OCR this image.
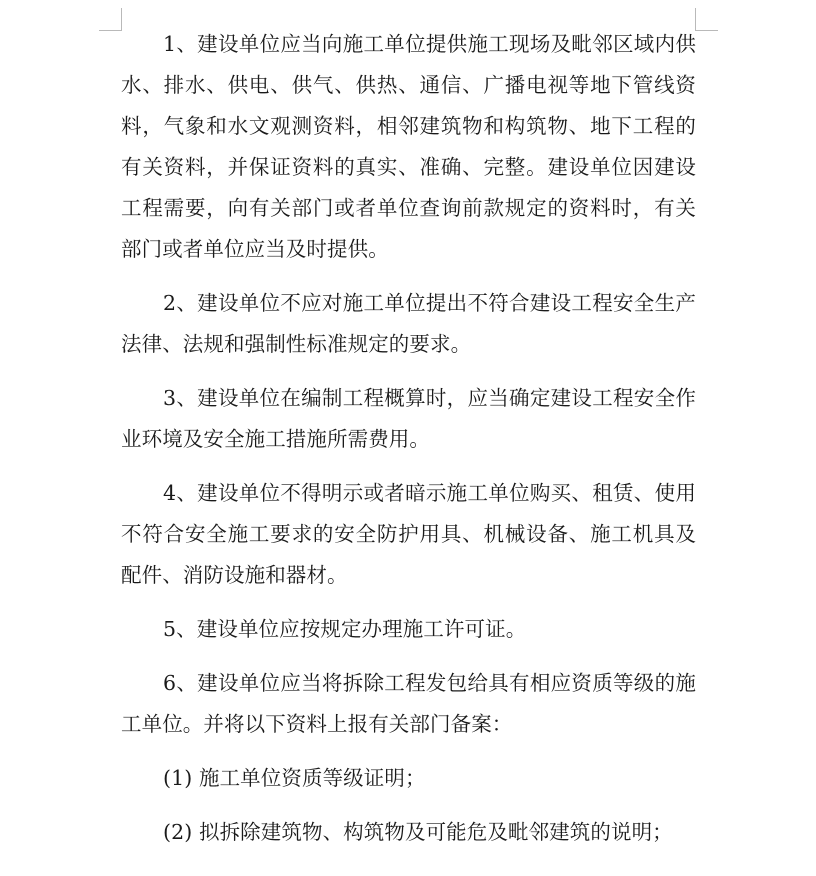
1、建设单位应当向施工单位提供施工现场及毗邻区域内供水、排水、供电、供气、供热、通信、广播电视等地下管线资料，气象和水文观测资料，相邻建筑物和构筑物、地下工程的有关资料，并保证资料的真实、准确、完整。建设单位因建设工程需要，向有关部门或者单位查询前款规定的资料时，有关部门或者单位应当及时提供。

2、建设单位不应对施工单位提出不符合建设工程安全生产法律、法规和强制性标准规定的要求。

3、建设单位在编制工程概算时，应当确定建设工程安全作业环境及安全施工措施所需费用。

4、建设单位不得明示或者暗示施工单位购买、租赁、使用不符合安全施工要求的安全防护用具、机械设备、施工机具及配件、消防设施和器材。

5、建设单位应按规定办理施工许可证。

6、建设单位应当将拆除工程发包给具有相应资质等级的施工单位。并将以下资料上报有关部门备案：

(1) 施工单位资质等级证明；

(2) 拟拆除建筑物、构筑物及可能危及毗邻建筑的说明；
